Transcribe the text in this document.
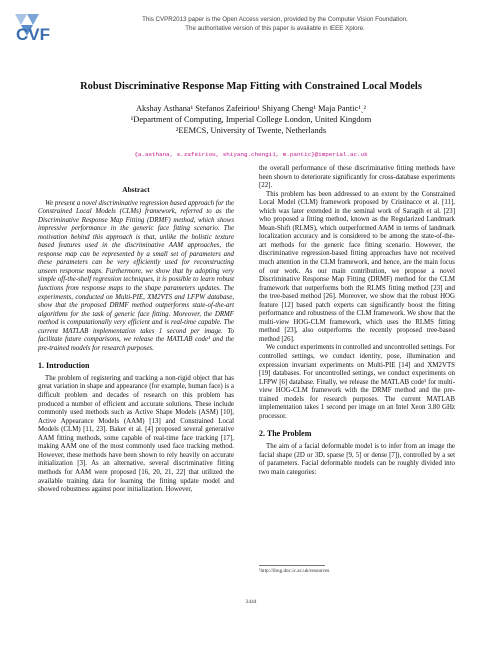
CVF
This CVPR2013 paper is the Open Access version, provided by the Computer Vision Foundation.
The authoritative version of this paper is available in IEEE Xplore.
Robust Discriminative Response Map Fitting with Constrained Local Models
Akshay Asthana¹ Stefanos Zafeiriou¹ Shiyang Cheng¹ Maja Pantic¹ˎ²
¹Department of Computing, Imperial College London, United Kingdom
²EEMCS, University of Twente, Netherlands
{a.asthana, s.zafeiriou, shiyang.cheng11, m.pantic}@imperial.ac.uk
Abstract

We present a novel discriminative regression based approach for the Constrained Local Models (CLMs) framework, referred to as the Discriminative Response Map Fitting (DRMF) method, which shows impressive performance in the generic face fitting scenario. The motivation behind this approach is that, unlike the holistic texture based features used in the discriminative AAM approaches, the response map can be represented by a small set of parameters and these parameters can be very efficiently used for reconstructing unseen response maps. Furthermore, we show that by adopting very simple off-the-shelf regression techniques, it is possible to learn robust functions from response maps to the shape parameters updates. The experiments, conducted on Multi-PIE, XM2VTS and LFPW database, show that the proposed DRMF method outperforms state-of-the-art algorithms for the task of generic face fitting. Moreover, the DRMF method is computationally very efficient and is real-time capable. The current MATLAB implementation takes 1 second per image. To facilitate future comparisons, we release the MATLAB code¹ and the pre-trained models for research purposes.

1. Introduction

The problem of registering and tracking a non-rigid object that has great variation in shape and appearance (for example, human face) is a difficult problem and decades of research on this problem has produced a number of efficient and accurate solutions. These include commonly used methods such as Active Shape Models (ASM) [10], Active Appearance Models (AAM) [13] and Constrained Local Models (CLM) [11, 23]. Baker et al. [4] proposed several generative AAM fitting methods, some capable of real-time face tracking [17], making AAM one of the most commonly used face tracking method. However, these methods have been shown to rely heavily on accurate initialization [3]. As an alternative, several discriminative fitting methods for AAM were proposed [16, 20, 21, 22] that utilized the available training data for learning the fitting update model and showed robustness against poor initialization. However,

the overall performance of these discriminative fitting methods have been shown to deteriorate significantly for cross-database experiments [22].

This problem has been addressed to an extent by the Constrained Local Model (CLM) framework proposed by Cristinacce et al. [11], which was later extended in the seminal work of Saragih et al. [23] who proposed a fitting method, known as the Regularized Landmark Mean-Shift (RLMS), which outperformed AAM in terms of landmark localization accuracy and is considered to be among the state-of-the-art methods for the generic face fitting scenario. However, the discriminative regression-based fitting approaches have not received much attention in the CLM framework, and hence, are the main focus of our work. As our main contribution, we propose a novel Discriminative Response Map Fitting (DRMF) method for the CLM framework that outperforms both the RLMS fitting method [23] and the tree-based method [26]. Moreover, we show that the robust HOG feature [12] based patch experts can significantly boost the fitting performance and robustness of the CLM framework. We show that the multi-view HOG-CLM framework, which uses the RLMS fitting method [23], also outperforms the recently proposed tree-based method [26].

We conduct experiments in controlled and uncontrolled settings. For controlled settings, we conduct identity, pose, illumination and expression invariant experiments on Multi-PIE [14] and XM2VTS [19] databases. For uncontrolled settings, we conduct experiments on LFPW [6] database. Finally, we release the MATLAB code¹ for multi-view HOG-CLM framework with the DRMF method and the pre-trained models for research purposes. The current MATLAB implementation takes 1 second per image on an Intel Xeon 3.80 GHz processor.

2. The Problem

The aim of a facial deformable model is to infer from an image the facial shape (2D or 3D, sparse [9, 5] or dense [7]), controlled by a set of parameters. Facial deformable models can be roughly divided into two main categories:

¹http://ibug.doc.ic.ac.uk/resources
3444
